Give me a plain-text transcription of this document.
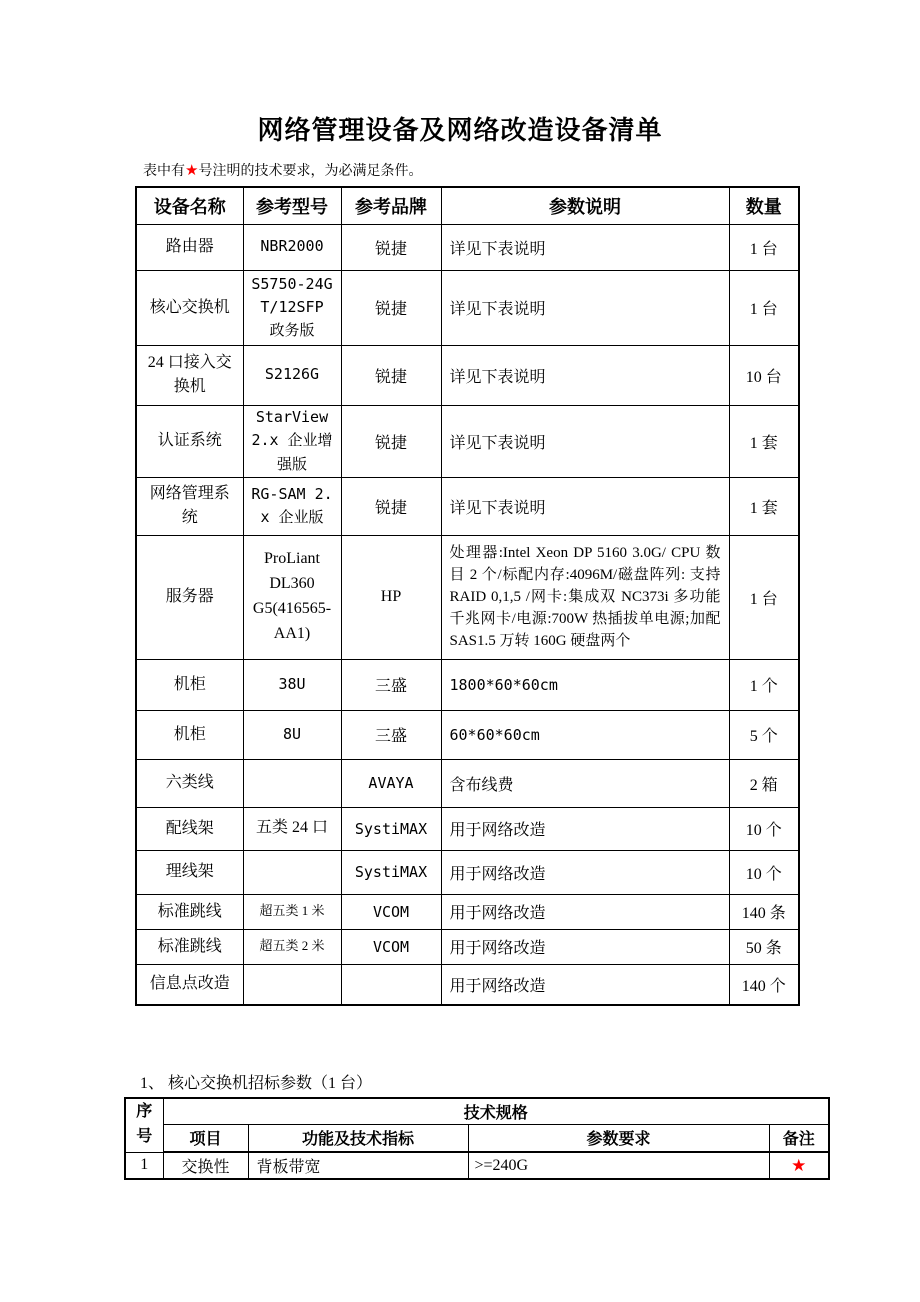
网络管理设备及网络改造设备清单
表中有★号注明的技术要求，为必满足条件。
设备名称	参考型号	参考品牌	参数说明	数量
路由器	NBR2000	锐捷	详见下表说明	1 台
核心交换机	S5750-24GT/12SFP 政务版	锐捷	详见下表说明	1 台
24 口接入交换机	S2126G	锐捷	详见下表说明	10 台
认证系统	StarView 2.x 企业增强版	锐捷	详见下表说明	1 套
网络管理系统	RG-SAM 2.x 企业版	锐捷	详见下表说明	1 套
服务器	ProLiant DL360 G5(416565-AA1)	HP	处理器:Intel Xeon DP 5160 3.0G/ CPU 数目 2 个/标配内存:4096M/磁盘阵列: 支持 RAID 0,1,5 /网卡:集成双 NC373i 多功能千兆网卡/电源:700W 热插拔单电源;加配 SAS1.5 万转 160G 硬盘两个	1 台
机柜	38U	三盛	1800*60*60cm	1 个
机柜	8U	三盛	60*60*60cm	5 个
六类线		AVAYA	含布线费	2 箱
配线架	五类 24 口	SystiMAX	用于网络改造	10 个
理线架		SystiMAX	用于网络改造	10 个
标准跳线	超五类 1 米	VCOM	用于网络改造	140 条
标准跳线	超五类 2 米	VCOM	用于网络改造	50 条
信息点改造			用于网络改造	140 个
1、 核心交换机招标参数（1 台）
序号	技术规格			
	项目	功能及技术指标	参数要求	备注
1	交换性	背板带宽	>=240G	★
